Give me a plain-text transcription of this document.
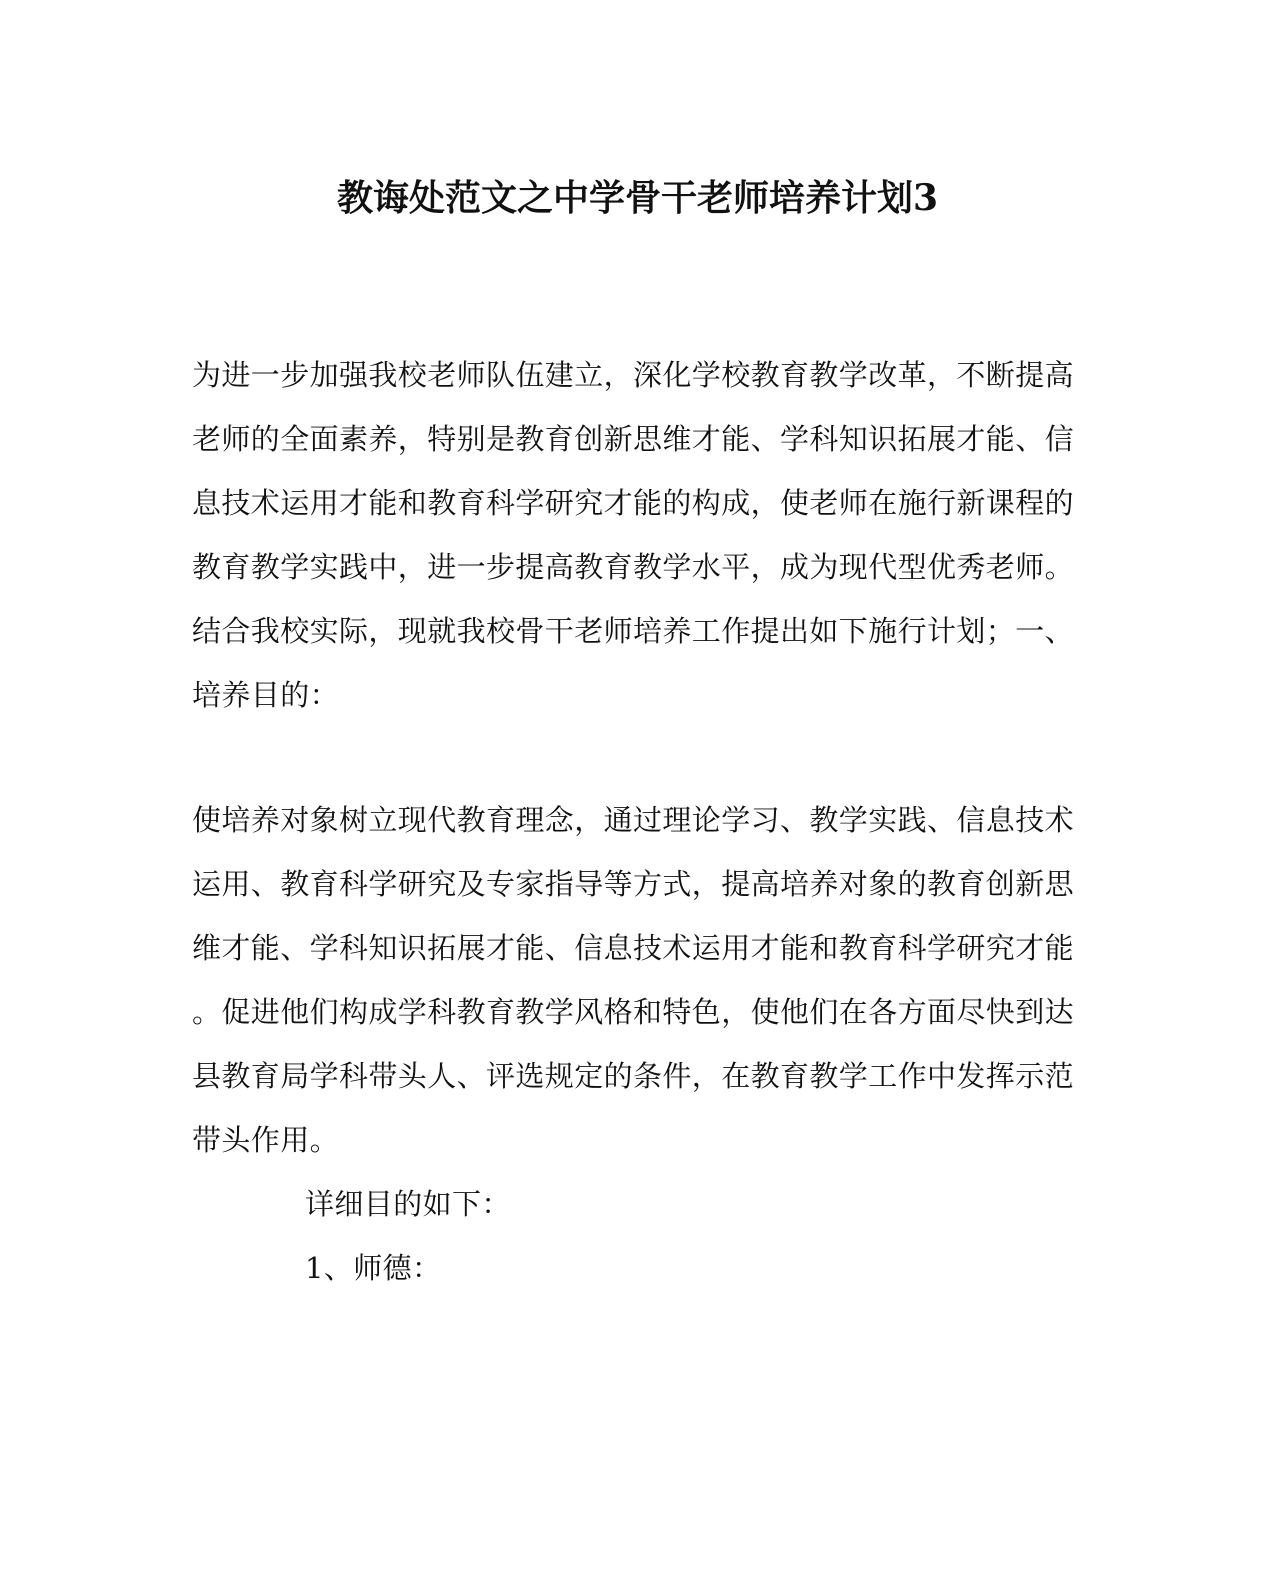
教诲处范文之中学骨干老师培养计划3
为进一步加强我校老师队伍建立，深化学校教育教学改革，不断提高
老师的全面素养，特别是教育创新思维才能、学科知识拓展才能、信
息技术运用才能和教育科学研究才能的构成，使老师在施行新课程的
教育教学实践中，进一步提高教育教学水平，成为现代型优秀老师。
结合我校实际，现就我校骨干老师培养工作提出如下施行计划；一、
培养目的：
使培养对象树立现代教育理念，通过理论学习、教学实践、信息技术
运用、教育科学研究及专家指导等方式，提高培养对象的教育创新思
维才能、学科知识拓展才能、信息技术运用才能和教育科学研究才能
。促进他们构成学科教育教学风格和特色，使他们在各方面尽快到达
县教育局学科带头人、评选规定的条件，在教育教学工作中发挥示范
带头作用。
详细目的如下：
1、师德：
